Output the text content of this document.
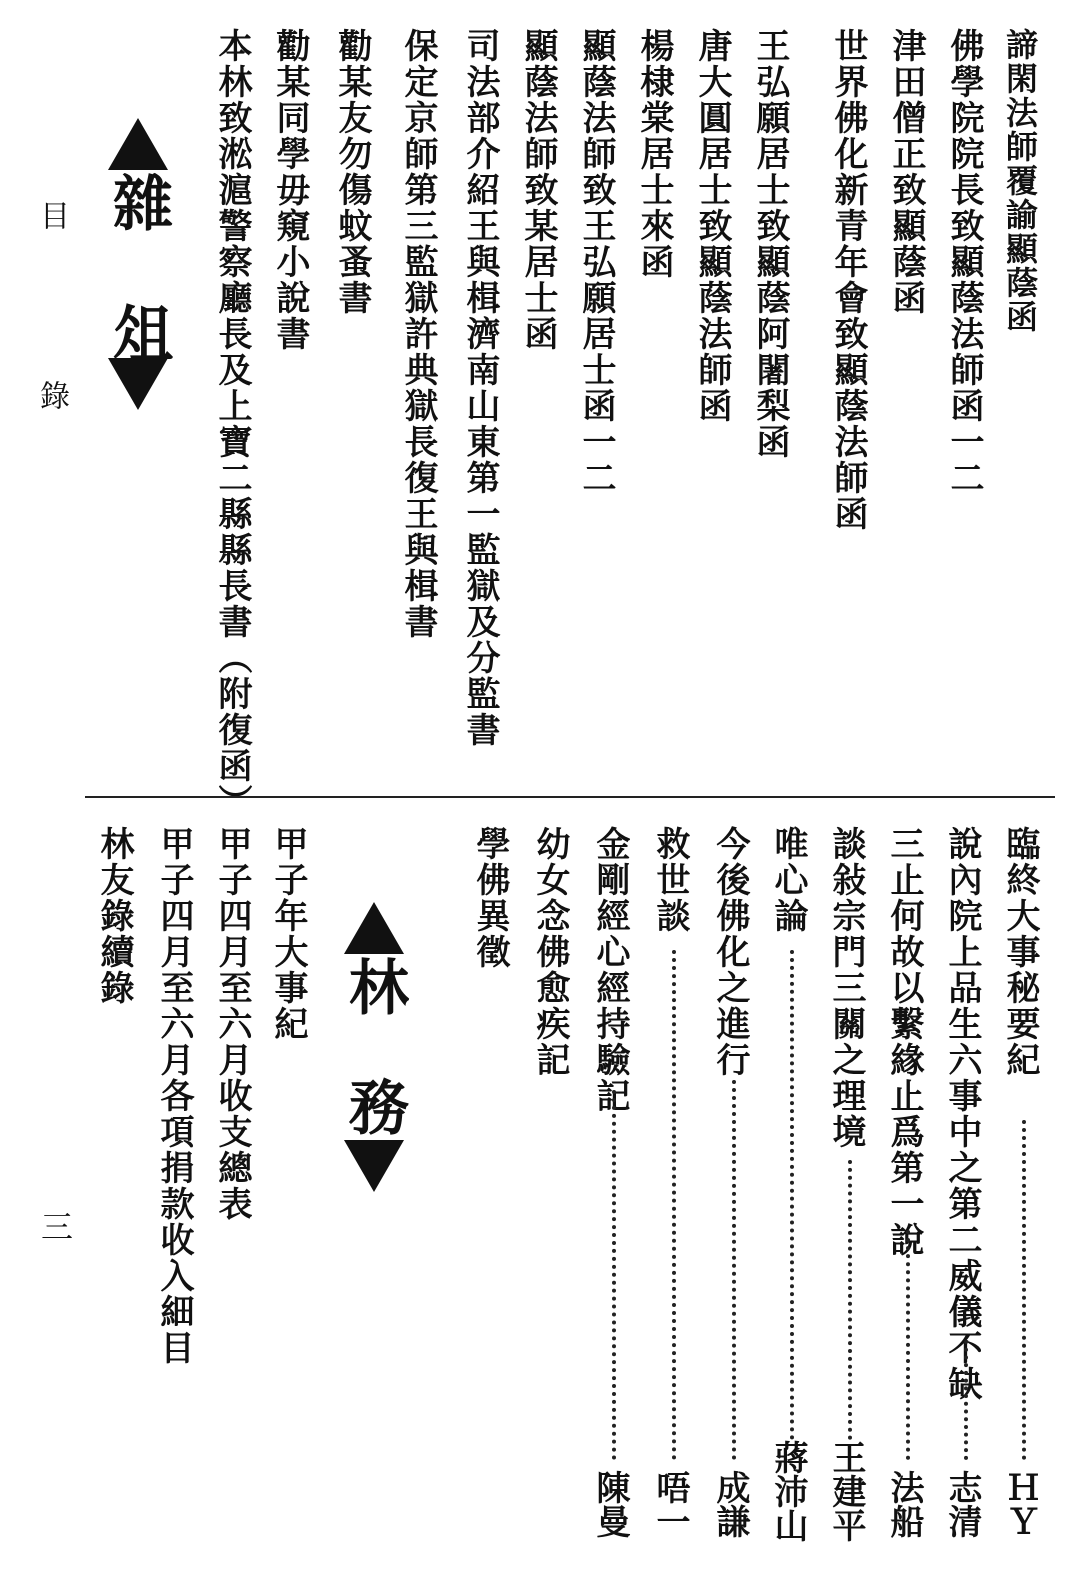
諦閑法師覆諭顯蔭函
佛學院院長致顯蔭法師函一二
津田僧正致顯蔭函
世界佛化新青年會致顯蔭法師函
王弘願居士致顯蔭阿闍梨函
唐大圓居士致顯蔭法師函
楊棣棠居士來函
顯蔭法師致王弘願居士函一二
顯蔭法師致某居士函
司法部介紹王與楫濟南山東第一監獄及分監書
保定京師第三監獄許典獄長復王與楫書
勸某友勿傷蚊蚤書
勸某同學毋窺小說書
本林致淞滬警察廳長及上寶二縣縣長書（附復函）
雜俎
目　錄
臨終大事秘要紀
ＨＹ
說內院上品生六事中之第二威儀不缺
志清
三止何故以繫緣止爲第一說
法船
談敍宗門三關之理境
王建平
唯心論
蔣沛山
今後佛化之進行
成謙
救世談
唔一
金剛經心經持驗記
陳曼
幼女念佛愈疾記
學佛異徵
林務
甲子年大事紀
甲子四月至六月收支總表
甲子四月至六月各項捐款收入細目
林友錄續錄
三
